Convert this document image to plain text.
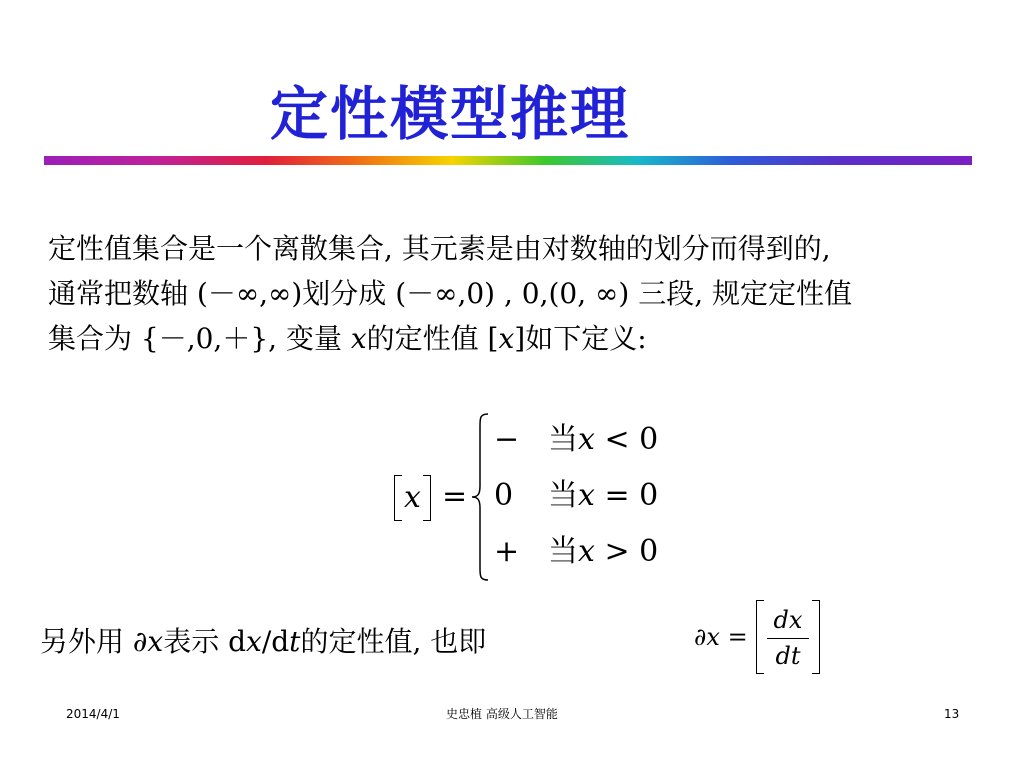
定性模型推理
定性值集合是一个离散集合, 其元素是由对数轴的划分而得到的,
通常把数轴 (－∞,∞)划分成 (－∞,0) , 0,(0, ∞) 三段, 规定定性值
集合为 {－,0,＋}, 变量 x的定性值 [x]如下定义:
x =
− 当x < 0
0 当x = 0
+ 当x > 0
另外用 ∂x表示 dx/dt的定性值, 也即	∂x =
dx
dt
2014/4/1	史忠植 高级人工智能	13
